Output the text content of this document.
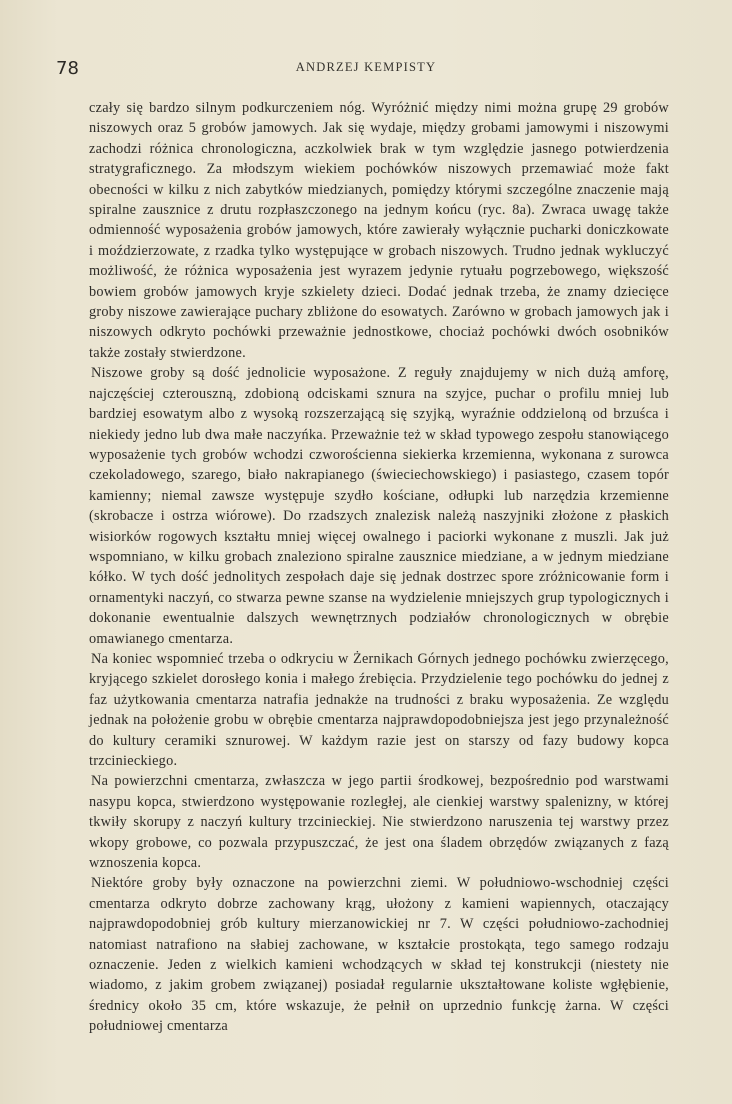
78	ANDRZEJ KEMPISTY

czały się bardzo silnym podkurczeniem nóg. Wyróżnić między nimi można grupę 29 grobów niszowych oraz 5 grobów jamowych. Jak się wydaje, między grobami jamowymi i niszowymi zachodzi różnica chronologiczna, aczkolwiek brak w tym względzie jasnego potwierdzenia stratygraficznego. Za młodszym wiekiem pochówków niszowych przemawiać może fakt obecności w kilku z nich zabytków miedzianych, pomiędzy którymi szczególne znaczenie mają spiralne zausznice z drutu rozpłaszczonego na jednym końcu (ryc. 8a). Zwraca uwagę także odmienność wyposażenia grobów jamowych, które zawierały wyłącznie pucharki doniczkowate i moździerzowate, z rzadka tylko występujące w grobach niszowych. Trudno jednak wykluczyć możliwość, że różnica wyposażenia jest wyrazem jedynie rytuału pogrzebowego, większość bowiem grobów jamowych kryje szkielety dzieci. Dodać jednak trzeba, że znamy dziecięce groby niszowe zawierające puchary zbliżone do esowatych. Zarówno w grobach jamowych jak i niszowych odkryto pochówki przeważnie jednostkowe, chociaż pochówki dwóch osobników także zostały stwierdzone.

Niszowe groby są dość jednolicie wyposażone. Z reguły znajdujemy w nich dużą amforę, najczęściej czterouszną, zdobioną odciskami sznura na szyjce, puchar o profilu mniej lub bardziej esowatym albo z wysoką rozszerzającą się szyjką, wyraźnie oddzieloną od brzuśca i niekiedy jedno lub dwa małe naczyńka. Przeważnie też w skład typowego zespołu stanowiącego wyposażenie tych grobów wchodzi czworościenna siekierka krzemienna, wykonana z surowca czekoladowego, szarego, biało nakrapianego (świeciechowskiego) i pasiastego, czasem topór kamienny; niemal zawsze występuje szydło kościane, odłupki lub narzędzia krzemienne (skrobacze i ostrza wiórowe). Do rzadszych znalezisk należą naszyjniki złożone z płaskich wisiorków rogowych kształtu mniej więcej owalnego i paciorki wykonane z muszli. Jak już wspomniano, w kilku grobach znaleziono spiralne zausznice miedziane, a w jednym miedziane kółko. W tych dość jednolitych zespołach daje się jednak dostrzec spore zróżnicowanie form i ornamentyki naczyń, co stwarza pewne szanse na wydzielenie mniejszych grup typologicznych i dokonanie ewentualnie dalszych wewnętrznych podziałów chronologicznych w obrębie omawianego cmentarza.

Na koniec wspomnieć trzeba o odkryciu w Żernikach Górnych jednego pochówku zwierzęcego, kryjącego szkielet dorosłego konia i małego źrebięcia. Przydzielenie tego pochówku do jednej z faz użytkowania cmentarza natrafia jednakże na trudności z braku wyposażenia. Ze względu jednak na położenie grobu w obrębie cmentarza najprawdopodobniejsza jest jego przynależność do kultury ceramiki sznurowej. W każdym razie jest on starszy od fazy budowy kopca trzcinieckiego.

Na powierzchni cmentarza, zwłaszcza w jego partii środkowej, bezpośrednio pod warstwami nasypu kopca, stwierdzono występowanie rozległej, ale cienkiej warstwy spalenizny, w której tkwiły skorupy z naczyń kultury trzcinieckiej. Nie stwierdzono naruszenia tej warstwy przez wkopy grobowe, co pozwala przypuszczać, że jest ona śladem obrzędów związanych z fazą wznoszenia kopca.

Niektóre groby były oznaczone na powierzchni ziemi. W południowo-wschodniej części cmentarza odkryto dobrze zachowany krąg, ułożony z kamieni wapiennych, otaczający najprawdopodobniej grób kultury mierzanowickiej nr 7. W części południowo-zachodniej natomiast natrafiono na słabiej zachowane, w kształcie prostokąta, tego samego rodzaju oznaczenie. Jeden z wielkich kamieni wchodzących w skład tej konstrukcji (niestety nie wiadomo, z jakim grobem związanej) posiadał regularnie ukształtowane koliste wgłębienie, średnicy około 35 cm, które wskazuje, że pełnił on uprzednio funkcję żarna. W części południowej cmentarza
